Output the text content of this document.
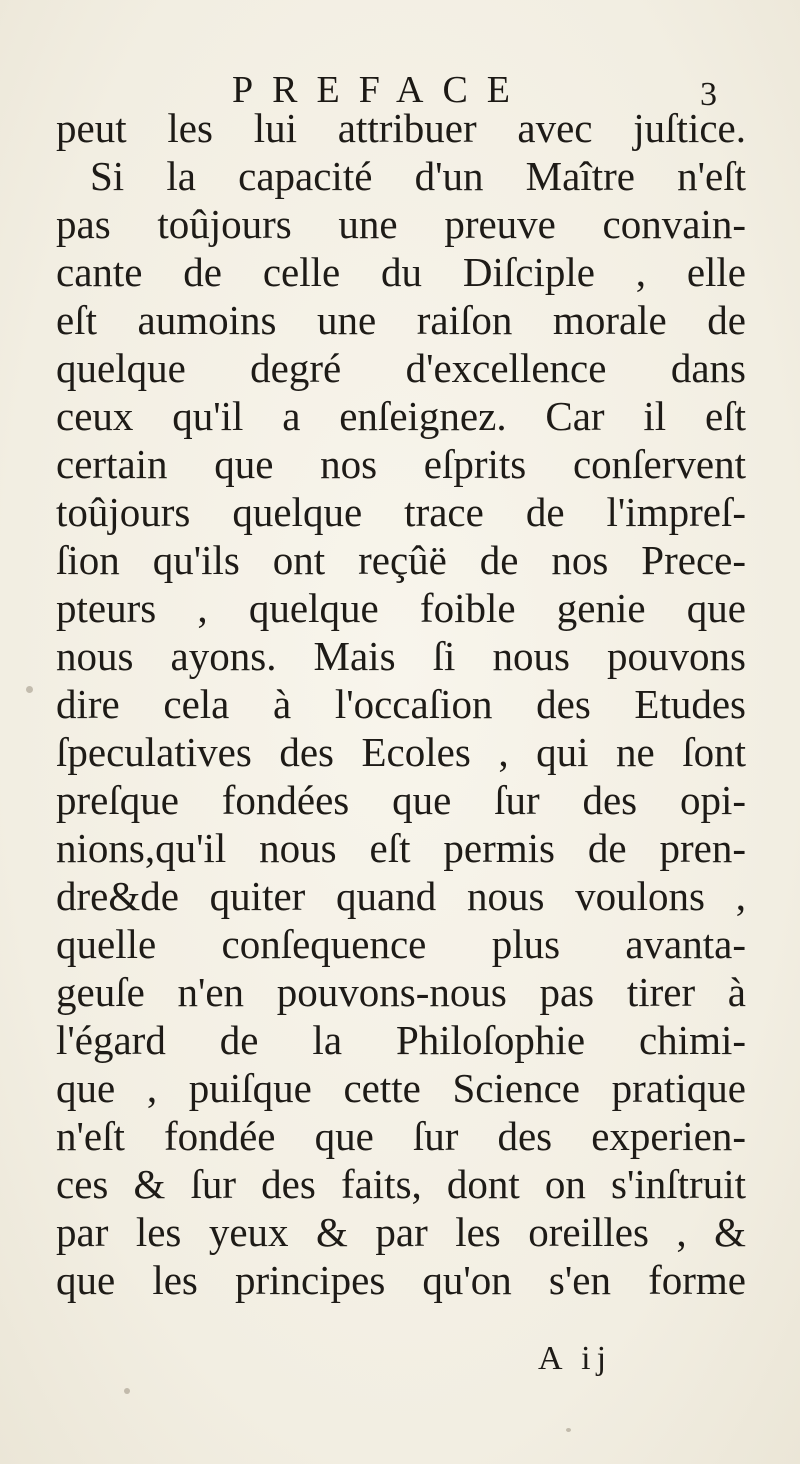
PREFACE	3
peut les lui attribuer avec juſtice.
Si la capacité d'un Maître n'eſt
pas toûjours une preuve convain-
cante de celle du Diſciple , elle
eſt aumoins une raiſon morale de
quelque degré d'excellence dans
ceux qu'il a enſeignez. Car il eſt
certain que nos eſprits conſervent
toûjours quelque trace de l'impreſ-
ſion qu'ils ont reçûë de nos Prece-
pteurs , quelque foible genie que
nous ayons. Mais ſi nous pouvons
dire cela à l'occaſion des Etudes
ſpeculatives des Ecoles , qui ne ſont
preſque fondées que ſur des opi-
nions,qu'il nous eſt permis de pren-
dre&de quiter quand nous voulons ,
quelle conſequence plus avanta-
geuſe n'en pouvons-nous pas tirer à
l'égard de la Philoſophie chimi-
que , puiſque cette Science pratique
n'eſt fondée que ſur des experien-
ces & ſur des faits, dont on s'inſtruit
par les yeux & par les oreilles , &
que les principes qu'on s'en forme
A ij
